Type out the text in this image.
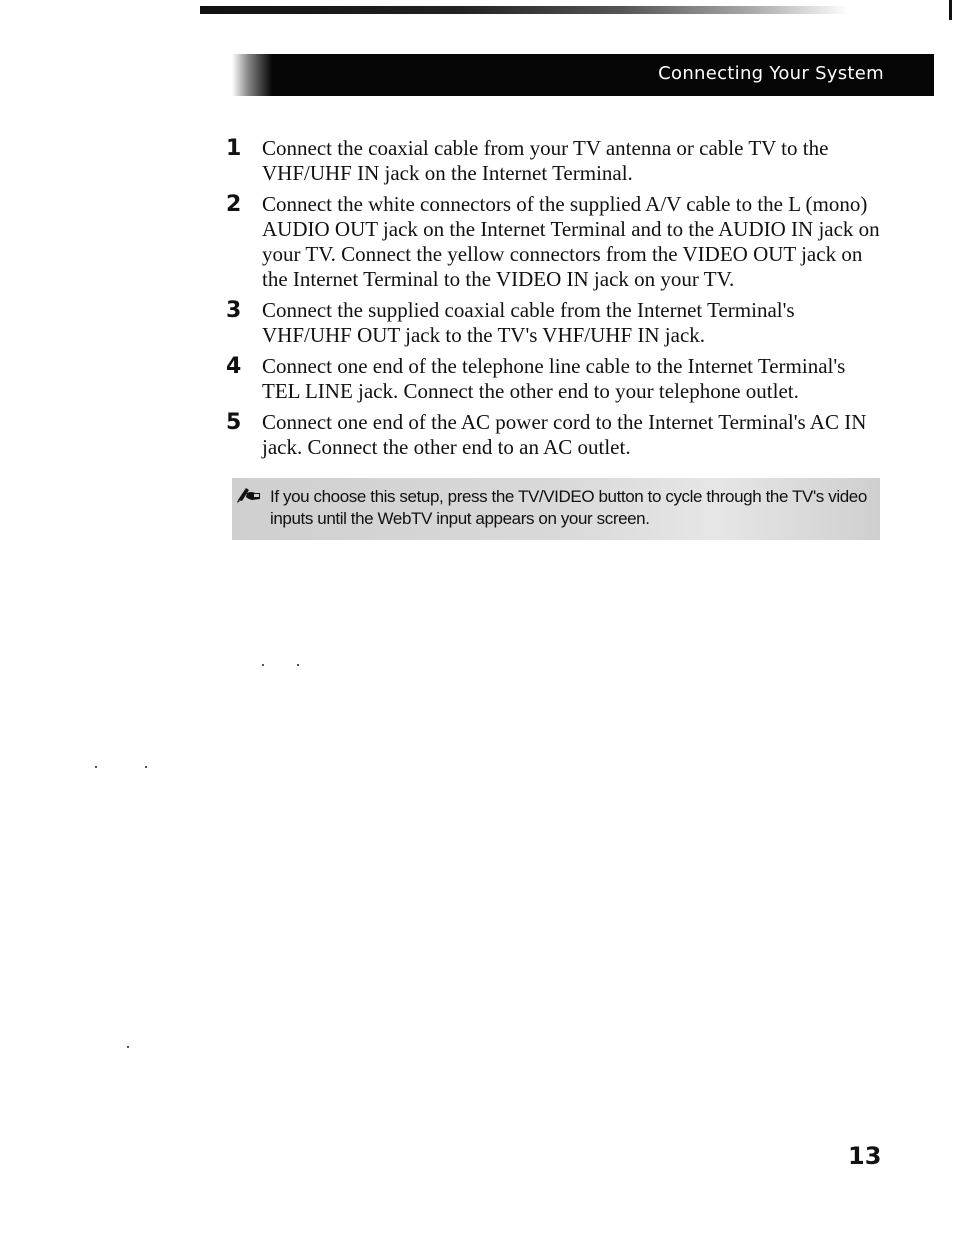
Connecting Your System
1 Connect the coaxial cable from your TV antenna or cable TV to the VHF/UHF IN jack on the Internet Terminal.
2 Connect the white connectors of the supplied A/V cable to the L (mono) AUDIO OUT jack on the Internet Terminal and to the AUDIO IN jack on your TV. Connect the yellow connectors from the VIDEO OUT jack on the Internet Terminal to the VIDEO IN jack on your TV.
3 Connect the supplied coaxial cable from the Internet Terminal's VHF/UHF OUT jack to the TV's VHF/UHF IN jack.
4 Connect one end of the telephone line cable to the Internet Terminal's TEL LINE jack. Connect the other end to your telephone outlet.
5 Connect one end of the AC power cord to the Internet Terminal's AC IN jack. Connect the other end to an AC outlet.
If you choose this setup, press the TV/VIDEO button to cycle through the TV's video inputs until the WebTV input appears on your screen.
13
